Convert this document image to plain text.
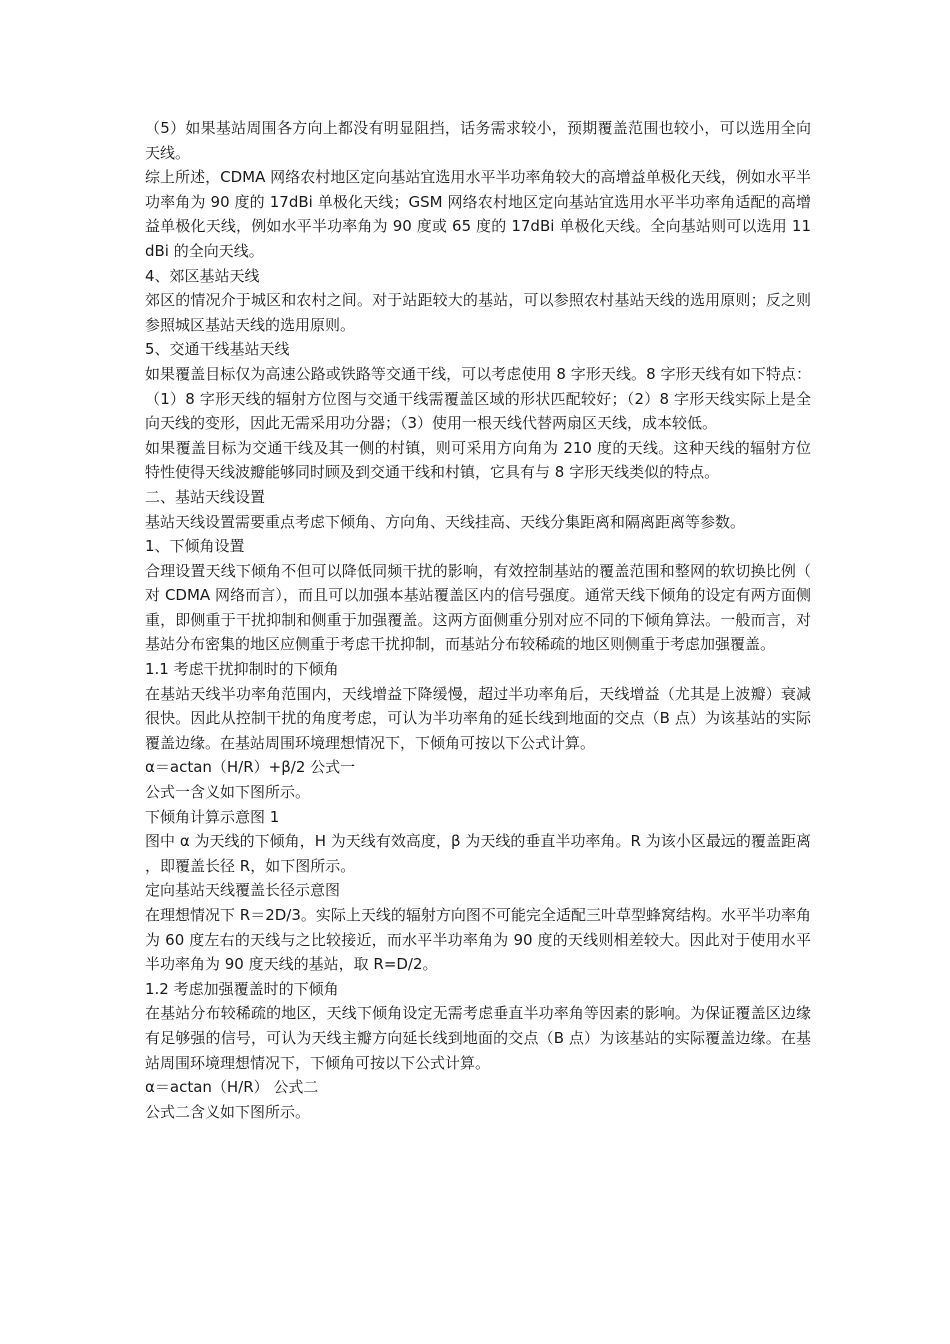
（5）如果基站周围各方向上都没有明显阻挡，话务需求较小，预期覆盖范围也较小，可以选用全向天线。

综上所述，CDMA 网络农村地区定向基站宜选用水平半功率角较大的高增益单极化天线，例如水平半功率角为 90 度的 17dBi 单极化天线；GSM 网络农村地区定向基站宜选用水平半功率角适配的高增益单极化天线，例如水平半功率角为 90 度或 65 度的 17dBi 单极化天线。全向基站则可以选用 11dBi 的全向天线。

4、郊区基站天线

郊区的情况介于城区和农村之间。对于站距较大的基站，可以参照农村基站天线的选用原则；反之则参照城区基站天线的选用原则。

5、交通干线基站天线

如果覆盖目标仅为高速公路或铁路等交通干线，可以考虑使用 8 字形天线。8 字形天线有如下特点：（1）8 字形天线的辐射方位图与交通干线需覆盖区域的形状匹配较好；（2）8 字形天线实际上是全向天线的变形，因此无需采用功分器；（3）使用一根天线代替两扇区天线，成本较低。

如果覆盖目标为交通干线及其一侧的村镇，则可采用方向角为 210 度的天线。这种天线的辐射方位特性使得天线波瓣能够同时顾及到交通干线和村镇，它具有与 8 字形天线类似的特点。

二、基站天线设置

基站天线设置需要重点考虑下倾角、方向角、天线挂高、天线分集距离和隔离距离等参数。

1、下倾角设置

合理设置天线下倾角不但可以降低同频干扰的影响，有效控制基站的覆盖范围和整网的软切换比例（对 CDMA 网络而言），而且可以加强本基站覆盖区内的信号强度。通常天线下倾角的设定有两方面侧重，即侧重于干扰抑制和侧重于加强覆盖。这两方面侧重分别对应不同的下倾角算法。一般而言，对基站分布密集的地区应侧重于考虑干扰抑制，而基站分布较稀疏的地区则侧重于考虑加强覆盖。

1.1 考虑干扰抑制时的下倾角

在基站天线半功率角范围内，天线增益下降缓慢，超过半功率角后，天线增益（尤其是上波瓣）衰减很快。因此从控制干扰的角度考虑，可认为半功率角的延长线到地面的交点（B 点）为该基站的实际覆盖边缘。在基站周围环境理想情况下，下倾角可按以下公式计算。

α＝actan（H/R）+β/2 公式一

公式一含义如下图所示。

下倾角计算示意图 1

图中 α 为天线的下倾角，H 为天线有效高度，β 为天线的垂直半功率角。R 为该小区最远的覆盖距离，即覆盖长径 R，如下图所示。

定向基站天线覆盖长径示意图

在理想情况下 R＝2D/3。实际上天线的辐射方向图不可能完全适配三叶草型蜂窝结构。水平半功率角为 60 度左右的天线与之比较接近，而水平半功率角为 90 度的天线则相差较大。因此对于使用水平半功率角为 90 度天线的基站，取 R=D/2。

1.2 考虑加强覆盖时的下倾角

在基站分布较稀疏的地区，天线下倾角设定无需考虑垂直半功率角等因素的影响。为保证覆盖区边缘有足够强的信号，可认为天线主瓣方向延长线到地面的交点（B 点）为该基站的实际覆盖边缘。在基站周围环境理想情况下，下倾角可按以下公式计算。

α＝actan（H/R） 公式二

公式二含义如下图所示。
